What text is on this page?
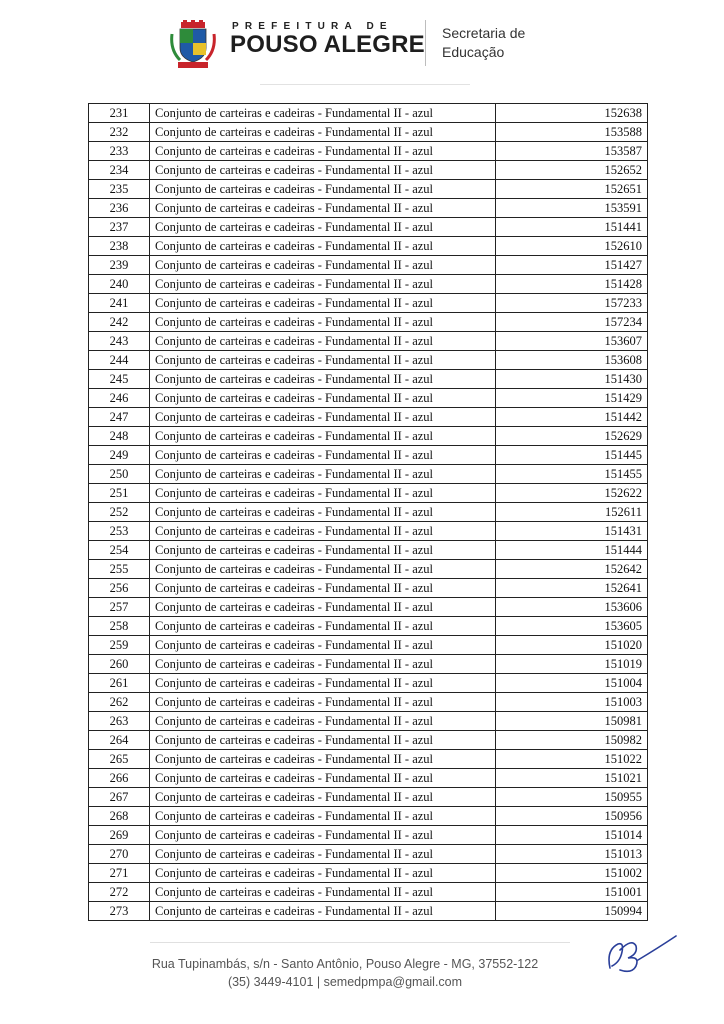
PREFEITURA DE
POUSO ALEGRE Secretaria de
Educação
231	Conjunto de carteiras e cadeiras - Fundamental II - azul	152638
232	Conjunto de carteiras e cadeiras - Fundamental II - azul	153588
233	Conjunto de carteiras e cadeiras - Fundamental II - azul	153587
234	Conjunto de carteiras e cadeiras - Fundamental II - azul	152652
235	Conjunto de carteiras e cadeiras - Fundamental II - azul	152651
236	Conjunto de carteiras e cadeiras - Fundamental II - azul	153591
237	Conjunto de carteiras e cadeiras - Fundamental II - azul	151441
238	Conjunto de carteiras e cadeiras - Fundamental II - azul	152610
239	Conjunto de carteiras e cadeiras - Fundamental II - azul	151427
240	Conjunto de carteiras e cadeiras - Fundamental II - azul	151428
241	Conjunto de carteiras e cadeiras - Fundamental II - azul	157233
242	Conjunto de carteiras e cadeiras - Fundamental II - azul	157234
243	Conjunto de carteiras e cadeiras - Fundamental II - azul	153607
244	Conjunto de carteiras e cadeiras - Fundamental II - azul	153608
245	Conjunto de carteiras e cadeiras - Fundamental II - azul	151430
246	Conjunto de carteiras e cadeiras - Fundamental II - azul	151429
247	Conjunto de carteiras e cadeiras - Fundamental II - azul	151442
248	Conjunto de carteiras e cadeiras - Fundamental II - azul	152629
249	Conjunto de carteiras e cadeiras - Fundamental II - azul	151445
250	Conjunto de carteiras e cadeiras - Fundamental II - azul	151455
251	Conjunto de carteiras e cadeiras - Fundamental II - azul	152622
252	Conjunto de carteiras e cadeiras - Fundamental II - azul	152611
253	Conjunto de carteiras e cadeiras - Fundamental II - azul	151431
254	Conjunto de carteiras e cadeiras - Fundamental II - azul	151444
255	Conjunto de carteiras e cadeiras - Fundamental II - azul	152642
256	Conjunto de carteiras e cadeiras - Fundamental II - azul	152641
257	Conjunto de carteiras e cadeiras - Fundamental II - azul	153606
258	Conjunto de carteiras e cadeiras - Fundamental II - azul	153605
259	Conjunto de carteiras e cadeiras - Fundamental II - azul	151020
260	Conjunto de carteiras e cadeiras - Fundamental II - azul	151019
261	Conjunto de carteiras e cadeiras - Fundamental II - azul	151004
262	Conjunto de carteiras e cadeiras - Fundamental II - azul	151003
263	Conjunto de carteiras e cadeiras - Fundamental II - azul	150981
264	Conjunto de carteiras e cadeiras - Fundamental II - azul	150982
265	Conjunto de carteiras e cadeiras - Fundamental II - azul	151022
266	Conjunto de carteiras e cadeiras - Fundamental II - azul	151021
267	Conjunto de carteiras e cadeiras - Fundamental II - azul	150955
268	Conjunto de carteiras e cadeiras - Fundamental II - azul	150956
269	Conjunto de carteiras e cadeiras - Fundamental II - azul	151014
270	Conjunto de carteiras e cadeiras - Fundamental II - azul	151013
271	Conjunto de carteiras e cadeiras - Fundamental II - azul	151002
272	Conjunto de carteiras e cadeiras - Fundamental II - azul	151001
273	Conjunto de carteiras e cadeiras - Fundamental II - azul	150994
Rua Tupinambás, s/n - Santo Antônio, Pouso Alegre - MG, 37552-122
(35) 3449-4101 | semedpmpa@gmail.com
